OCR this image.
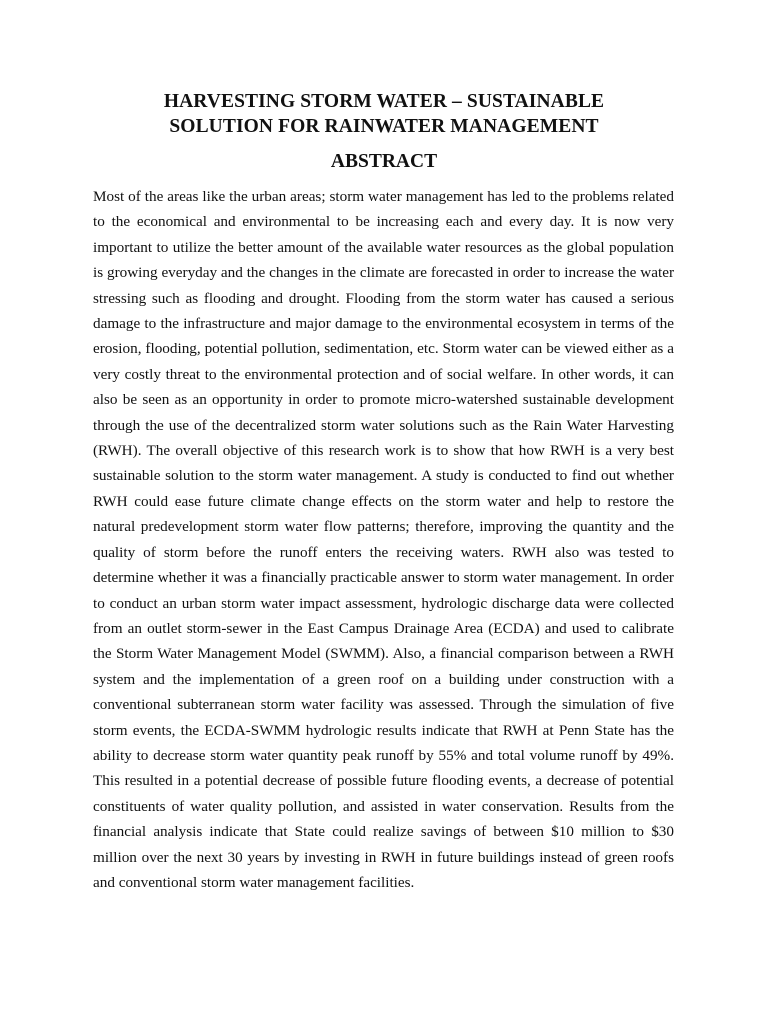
HARVESTING STORM WATER – SUSTAINABLE
SOLUTION FOR RAINWATER MANAGEMENT
ABSTRACT

Most of the areas like the urban areas; storm water management has led to the problems related to the economical and environmental to be increasing each and every day. It is now very important to utilize the better amount of the available water resources as the global population is growing everyday and the changes in the climate are forecasted in order to increase the water stressing such as flooding and drought. Flooding from the storm water has caused a serious damage to the infrastructure and major damage to the environmental ecosystem in terms of the erosion, flooding, potential pollution, sedimentation, etc. Storm water can be viewed either as a very costly threat to the environmental protection and of social welfare. In other words, it can also be seen as an opportunity in order to promote micro-watershed sustainable development through the use of the decentralized storm water solutions such as the Rain Water Harvesting (RWH). The overall objective of this research work is to show that how RWH is a very best sustainable solution to the storm water management. A study is conducted to find out whether RWH could ease future climate change effects on the storm water and help to restore the natural predevelopment storm water flow patterns; therefore, improving the quantity and the quality of storm before the runoff enters the receiving waters. RWH also was tested to determine whether it was a financially practicable answer to storm water management. In order to conduct an urban storm water impact assessment, hydrologic discharge data were collected from an outlet storm-sewer in the East Campus Drainage Area (ECDA) and used to calibrate the Storm Water Management Model (SWMM). Also, a financial comparison between a RWH system and the implementation of a green roof on a building under construction with a conventional subterranean storm water facility was assessed. Through the simulation of five storm events, the ECDA-SWMM hydrologic results indicate that RWH at Penn State has the ability to decrease storm water quantity peak runoff by 55% and total volume runoff by 49%. This resulted in a potential decrease of possible future flooding events, a decrease of potential constituents of water quality pollution, and assisted in water conservation. Results from the financial analysis indicate that State could realize savings of between $10 million to $30 million over the next 30 years by investing in RWH in future buildings instead of green roofs and conventional storm water management facilities.
